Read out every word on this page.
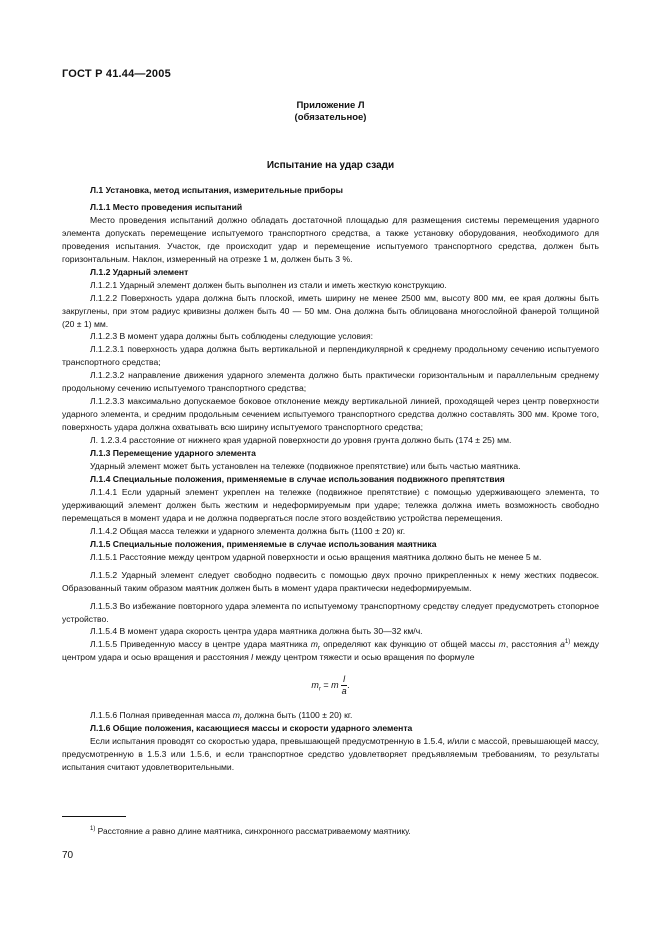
ГОСТ Р 41.44—2005
Приложение Л
(обязательное)
Испытание на удар сзади

Л.1 Установка, метод испытания, измерительные приборы

Л.1.1 Место проведения испытаний

Место проведения испытаний должно обладать достаточной площадью для размещения системы перемещения ударного элемента допускать перемещение испытуемого транспортного средства, а также установку оборудования, необходимого для проведения испытания. Участок, где происходит удар и перемещение испытуемого транспортного средства, должен быть горизонтальным. Наклон, измеренный на отрезке 1 м, должен быть 3 %.

Л.1.2 Ударный элемент

Л.1.2.1 Ударный элемент должен быть выполнен из стали и иметь жесткую конструкцию.

Л.1.2.2 Поверхность удара должна быть плоской, иметь ширину не менее 2500 мм, высоту 800 мм, ее края должны быть закруглены, при этом радиус кривизны должен быть 40 — 50 мм. Она должна быть облицована многослойной фанерой толщиной (20 ± 1) мм.

Л.1.2.3 В момент удара должны быть соблюдены следующие условия:

Л.1.2.3.1 поверхность удара должна быть вертикальной и перпендикулярной к среднему продольному сечению испытуемого транспортного средства;

Л.1.2.3.2 направление движения ударного элемента должно быть практически горизонтальным и параллельным среднему продольному сечению испытуемого транспортного средства;

Л.1.2.3.3 максимально допускаемое боковое отклонение между вертикальной линией, проходящей через центр поверхности ударного элемента, и средним продольным сечением испытуемого транспортного средства должно составлять 300 мм. Кроме того, поверхность удара должна охватывать всю ширину испытуемого транспортного средства;

Л. 1.2.3.4 расстояние от нижнего края ударной поверхности до уровня грунта должно быть (174 ± 25) мм.

Л.1.3 Перемещение ударного элемента

Ударный элемент может быть установлен на тележке (подвижное препятствие) или быть частью маятника.

Л.1.4 Специальные положения, применяемые в случае использования подвижного препятствия

Л.1.4.1 Если ударный элемент укреплен на тележке (подвижное препятствие) с помощью удерживающего элемента, то удерживающий элемент должен быть жестким и недеформируемым при ударе; тележка должна иметь возможность свободно перемещаться в момент удара и не должна подвергаться после этого воздействию устройства перемещения.

Л.1.4.2 Общая масса тележки и ударного элемента должна быть (1100 ± 20) кг.

Л.1.5 Специальные положения, применяемые в случае использования маятника

Л.1.5.1 Расстояние между центром ударной поверхности и осью вращения маятника должно быть не менее 5 м.

Л.1.5.2 Ударный элемент следует свободно подвесить с помощью двух прочно прикрепленных к нему жестких подвесок. Образованный таким образом маятник должен быть в момент удара практически недеформируемым.

Л.1.5.3 Во избежание повторного удара элемента по испытуемому транспортному средству следует предусмотреть стопорное устройство.

Л.1.5.4 В момент удара скорость центра удара маятника должна быть 30—32 км/ч.

Л.1.5.5 Приведенную массу в центре удара маятника $m_r$ определяют как функцию от общей массы m, расстояния $a^{1)}$ между центром удара и осью вращения и расстояния l между центром тяжести и осью вращения по формуле

$m_r = m \frac{l}{a}$ .

Л.1.5.6 Полная приведенная масса $m_r$ должна быть (1100 ± 20) кг.

Л.1.6 Общие положения, касающиеся массы и скорости ударного элемента

Если испытания проводят со скоростью удара, превышающей предусмотренную в 1.5.4, и/или с массой, превышающей массу, предусмотренную в 1.5.3 или 1.5.6, и если транспортное средство удовлетворяет предъявляемым требованиям, то результаты испытания считают удовлетворительными.

$^{1)}$ Расстояние a равно длине маятника, синхронного рассматриваемому маятнику.
70
